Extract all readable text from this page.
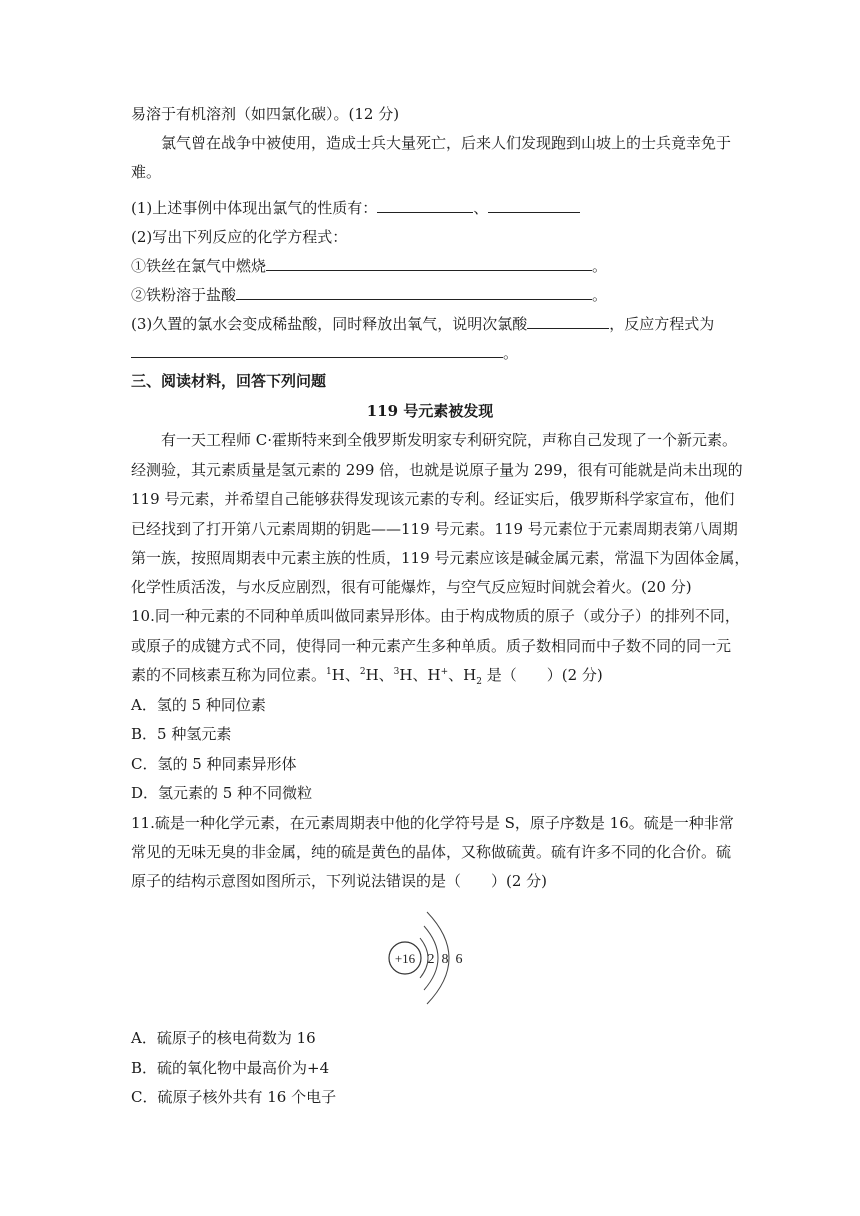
易溶于有机溶剂（如四氯化碳）。(12 分)
氯气曾在战争中被使用，造成士兵大量死亡，后来人们发现跑到山坡上的士兵竟幸免于
难。
(1)上述事例中体现出氯气的性质有：	、
(2)写出下列反应的化学方程式：
①铁丝在氯气中燃烧	。
②铁粉溶于盐酸	。
(3)久置的氯水会变成稀盐酸，同时释放出氧气，说明次氯酸	，反应方程式为
。
三、阅读材料，回答下列问题
119 号元素被发现
有一天工程师 C·霍斯特来到全俄罗斯发明家专利研究院，声称自己发现了一个新元素。
经测验，其元素质量是氢元素的 299 倍，也就是说原子量为 299，很有可能就是尚未出现的
119 号元素，并希望自己能够获得发现该元素的专利。经证实后，俄罗斯科学家宣布，他们
已经找到了打开第八元素周期的钥匙——119 号元素。119 号元素位于元素周期表第八周期
第一族，按照周期表中元素主族的性质，119 号元素应该是碱金属元素，常温下为固体金属，
化学性质活泼，与水反应剧烈，很有可能爆炸，与空气反应短时间就会着火。(20 分)
10.同一种元素的不同种单质叫做同素异形体。由于构成物质的原子（或分子）的排列不同，
或原子的成键方式不同，使得同一种元素产生多种单质。质子数相同而中子数不同的同一元
素的不同核素互称为同位素。$^1$H、$^2$H、$^3$H、H+、$H_2$ 是（　　）(2 分)
A．氢的 5 种同位素
B．5 种氢元素
C．氢的 5 种同素异形体
D．氢元素的 5 种不同微粒
11.硫是一种化学元素，在元素周期表中他的化学符号是 S，原子序数是 16。硫是一种非常
常见的无味无臭的非金属，纯的硫是黄色的晶体，又称做硫黄。硫有许多不同的化合价。硫
原子的结构示意图如图所示，下列说法错误的是（　　）(2 分)
+16 2 8 6
A．硫原子的核电荷数为 16
B．硫的氧化物中最高价为+4
C．硫原子核外共有 16 个电子
